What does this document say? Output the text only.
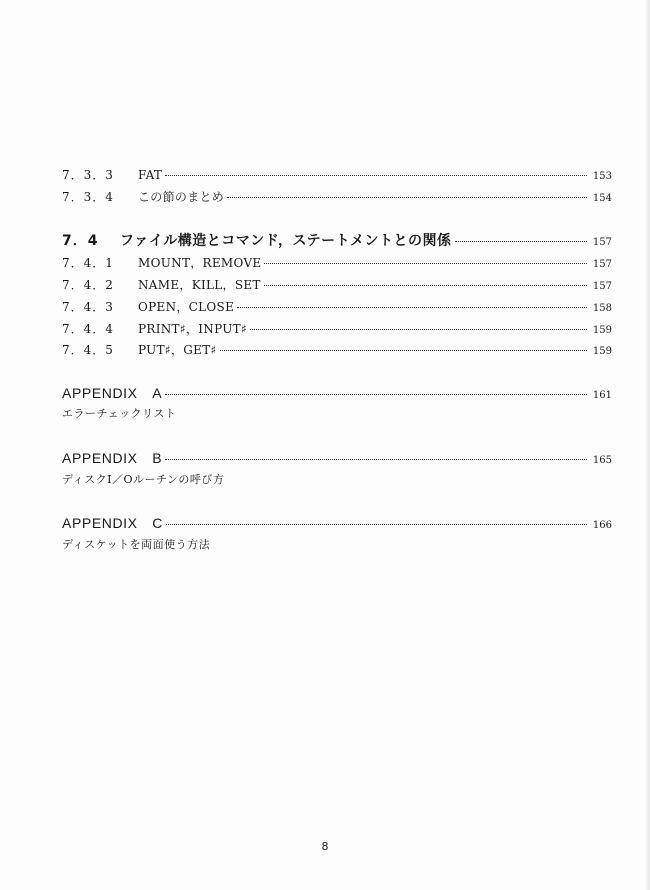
7．3．3	FAT	153
7．3．4	この節のまとめ	154
7．4	ファイル構造とコマンド，ステートメントとの関係	157
7．4．1	MOUNT，REMOVE	157
7．4．2	NAME，KILL，SET	157
7．4．3	OPEN，CLOSE	158
7．4．4	PRINT♯，INPUT♯	159
7．4．5	PUT♯，GET♯	159
APPENDIX　A	161
エラーチェックリスト
APPENDIX　B	165
ディスクI／Oルーチンの呼び方
APPENDIX　C	166
ディスケットを両面使う方法
8
